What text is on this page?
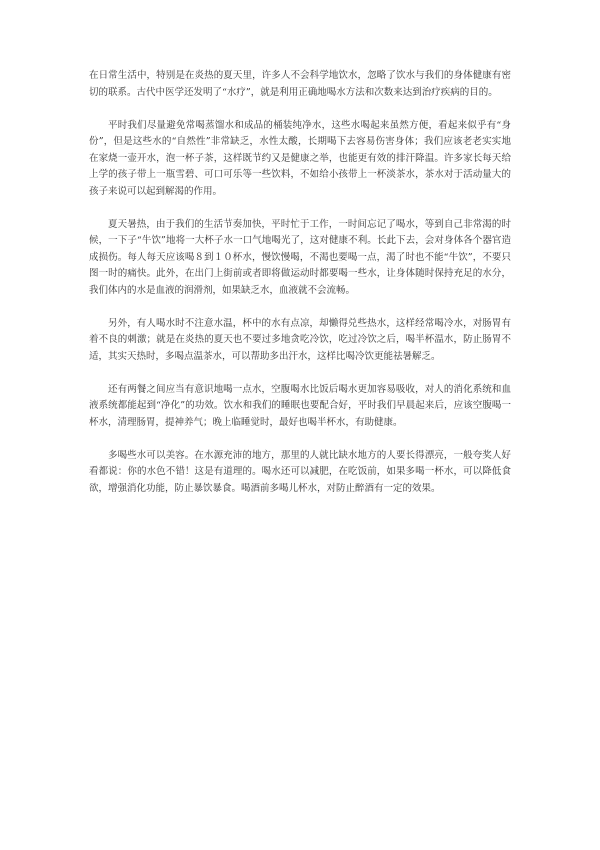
在日常生活中，特别是在炎热的夏天里，许多人不会科学地饮水，忽略了饮水与我们的身体健康有密切的联系。古代中医学还发明了“水疗”，就是利用正确地喝水方法和次数来达到治疗疾病的目的。

平时我们尽量避免常喝蒸馏水和成品的桶装纯净水，这些水喝起来虽然方便，看起来似乎有“身份”，但是这些水的“自然性”非常缺乏，水性太酸，长期喝下去容易伤害身体；我们应该老老实实地在家烧一壶开水，泡一杯子茶，这样既节约又是健康之举，也能更有效的排汗降温。许多家长每天给上学的孩子带上一瓶雪碧、可口可乐等一些饮料，不如给小孩带上一杯淡茶水，茶水对于活动量大的孩子来说可以起到解渴的作用。

夏天暑热，由于我们的生活节奏加快，平时忙于工作，一时间忘记了喝水，等到自己非常渴的时候，一下子“牛饮”地将一大杯子水一口气地喝光了，这对健康不利。长此下去，会对身体各个器官造成损伤。每人每天应该喝８到１０杯水，慢饮慢喝，不渴也要喝一点，渴了时也不能“牛饮”，不要只图一时的痛快。此外，在出门上街前或者即将做运动时都要喝一些水，让身体随时保持充足的水分，我们体内的水是血液的润滑剂，如果缺乏水，血液就不会流畅。

另外，有人喝水时不注意水温，杯中的水有点凉，却懒得兑些热水，这样经常喝冷水，对肠胃有着不良的刺激；就是在炎热的夏天也不要过多地贪吃冷饮，吃过冷饮之后，喝半杯温水，防止肠胃不适，其实天热时，多喝点温茶水，可以帮助多出汗水，这样比喝冷饮更能祛暑解乏。

还有两餐之间应当有意识地喝一点水，空腹喝水比饭后喝水更加容易吸收，对人的消化系统和血液系统都能起到“净化”的功效。饮水和我们的睡眠也要配合好，平时我们早晨起来后，应该空腹喝一杯水，清理肠胃，提神养气；晚上临睡觉时，最好也喝半杯水，有助健康。

多喝些水可以美容。在水源充沛的地方，那里的人就比缺水地方的人要长得漂亮，一般夸奖人好看都说：你的水色不错！这是有道理的。喝水还可以减肥，在吃饭前，如果多喝一杯水，可以降低食欲，增强消化功能，防止暴饮暴食。喝酒前多喝儿杯水，对防止醉酒有一定的效果。
